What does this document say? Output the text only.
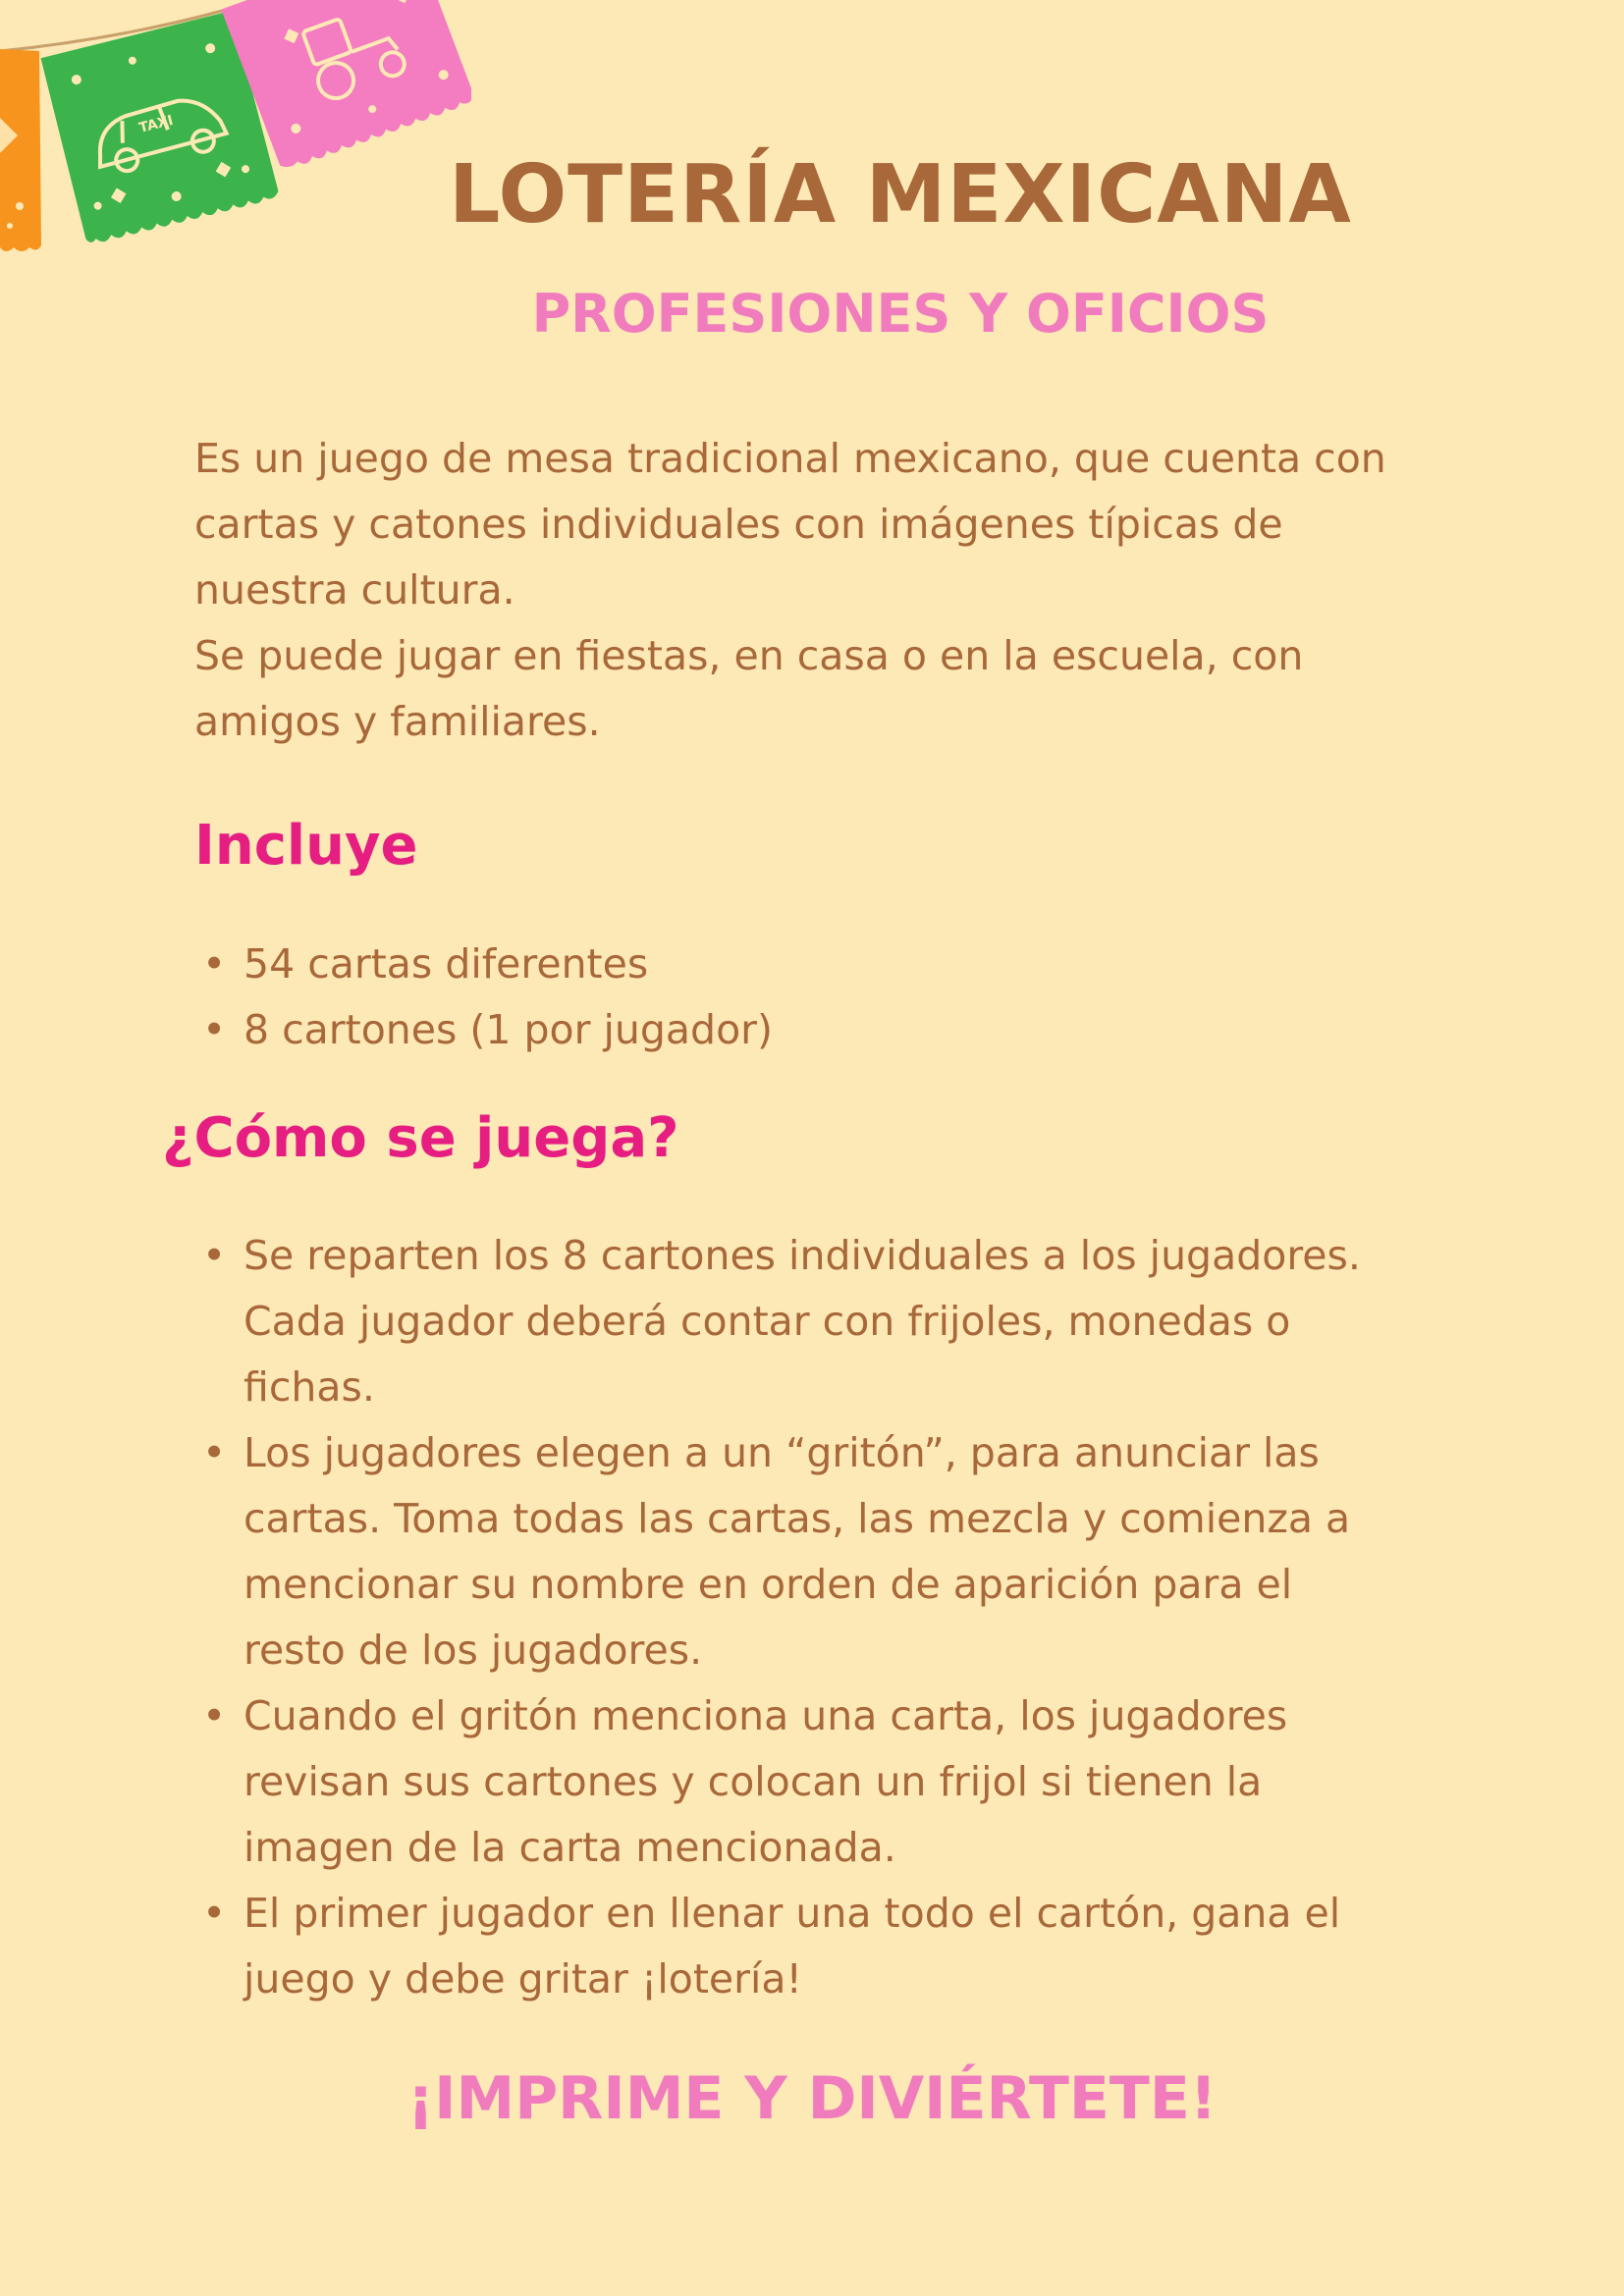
TAXI
LOTERÍA MEXICANA
PROFESIONES Y OFICIOS

Es un juego de mesa tradicional mexicano, que cuenta con cartas y catones individuales con imágenes típicas de nuestra cultura.

Se puede jugar en fiestas, en casa o en la escuela, con amigos y familiares.

Incluye
• 54 cartas diferentes
• 8 cartones (1 por jugador)
¿Cómo se juega?
• Se reparten los 8 cartones individuales a los jugadores. Cada jugador deberá contar con frijoles, monedas o fichas.
• Los jugadores elegen a un “gritón”, para anunciar las cartas. Toma todas las cartas, las mezcla y comienza a mencionar su nombre en orden de aparición para el resto de los jugadores.
• Cuando el gritón menciona una carta, los jugadores revisan sus cartones y colocan un frijol si tienen la imagen de la carta mencionada.
• El primer jugador en llenar una todo el cartón, gana el juego y debe gritar ¡lotería!
¡IMPRIME Y DIVIÉRTETE!
